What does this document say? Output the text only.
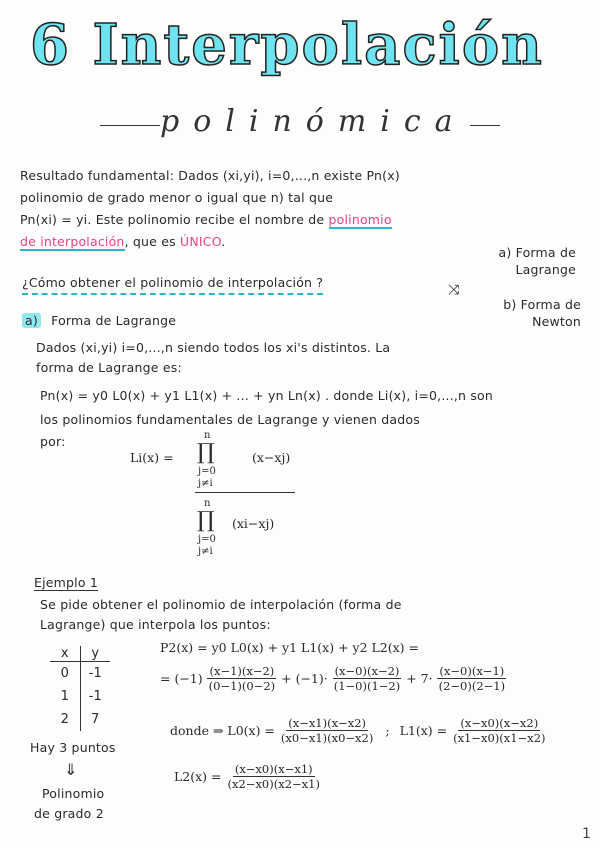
6 Interpolación
polinómica
Resultado fundamental: Dados (xi,yi), i=0,...,n existe Pn(x)
polinomio de grado menor o igual que n) tal que
Pn(xi) = yi. Este polinomio recibe el nombre de polinomio
de interpolación, que es ÚNICO.
¿Cómo obtener el polinomio de interpolación ?
a) Forma de Lagrange
⤨
b) Forma de Newton
a) Forma de Lagrange
Dados (xi,yi) i=0,...,n siendo todos los xi's distintos. La
forma de Lagrange es:
Pn(x) = y0 L0(x) + y1 L1(x) + ... + yn Ln(x) . donde Li(x), i=0,...,n son
los polinomios fundamentales de Lagrange y vienen dados
por:
Li(x) =
n
∏	(x−xj)
j=0
j≠i
n
∏ (xi−xj)
j=0
j≠i
Ejemplo 1
Se pide obtener el polinomio de interpolación (forma de
Lagrange) que interpola los puntos:
x	y
0
1
2
-1
-1
7
P2(x) = y0 L0(x) + y1 L1(x) + y2 L2(x) =
= $(-1) \frac{(x-1)(x-2)}{(0-1)(0-2)} + (-1)\cdot \frac{(x-0)(x-2)}{(1-0)(1-2)} + 7\cdot \frac{(x-0)(x-1)}{(2-0)(2-1)}$
donde ⇒ $L0(x) = \frac{(x-x1)(x-x2)}{(x0-x1)(x0-x2)}$ ; $L1(x) = \frac{(x-x0)(x-x2)}{(x1-x0)(x1-x2)}$
$L2(x) = \frac{(x-x0)(x-x1)}{(x2-x0)(x2-x1)}$
Hay 3 puntos
⇓
Polinomio
de grado 2
1
